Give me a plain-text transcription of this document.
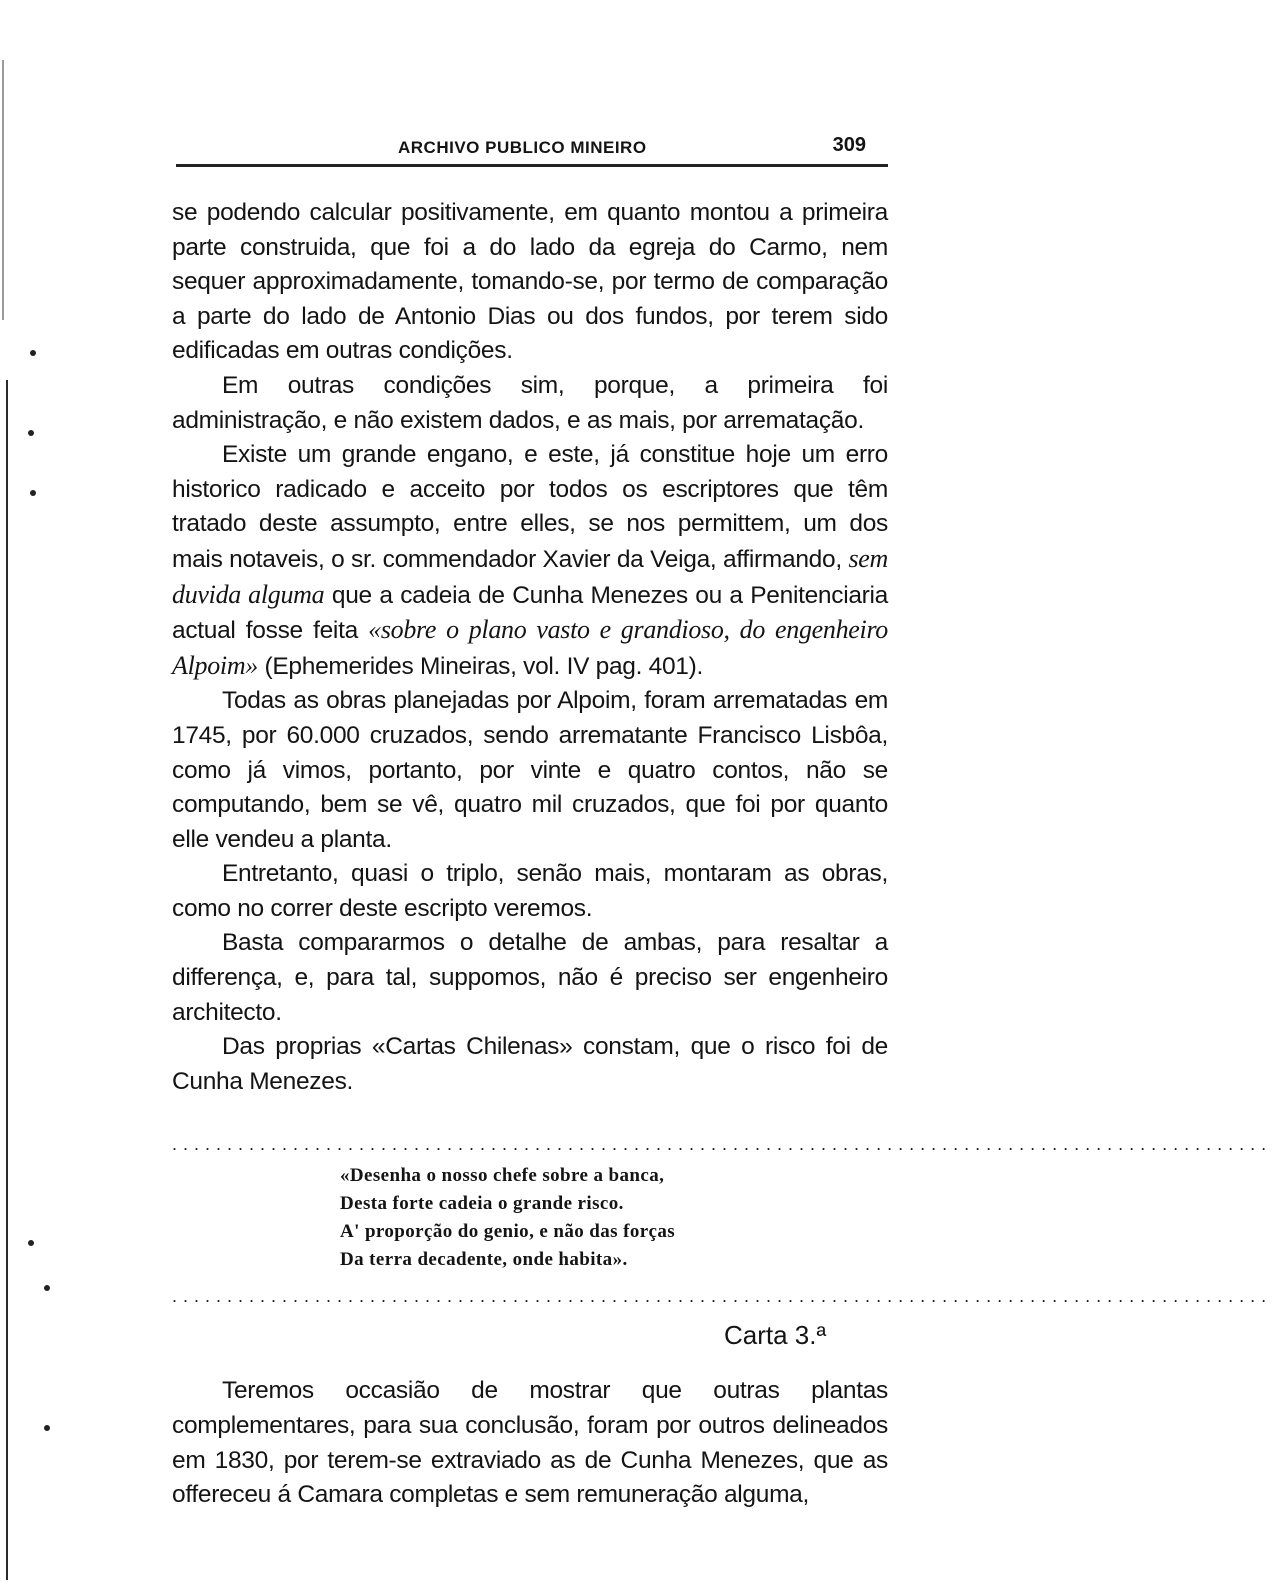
ARCHIVO PUBLICO MINEIRO	309

se podendo calcular positivamente, em quanto montou a primeira parte construida, que foi a do lado da egreja do Carmo, nem sequer approximadamente, tomando-se, por termo de comparação a parte do lado de Antonio Dias ou dos fundos, por terem sido edificadas em outras condições.

Em outras condições sim, porque, a primeira foi administração, e não existem dados, e as mais, por arrematação.

Existe um grande engano, e este, já constitue hoje um erro historico radicado e acceito por todos os escriptores que têm tratado deste assumpto, entre elles, se nos permittem, um dos mais notaveis, o sr. commendador Xavier da Veiga, affirmando, sem duvida alguma que a cadeia de Cunha Menezes ou a Penitenciaria actual fosse feita «sobre o plano vasto e grandioso, do engenheiro Alpoim» (Ephemerides Mineiras, vol. IV pag. 401).

Todas as obras planejadas por Alpoim, foram arrematadas em 1745, por 60.000 cruzados, sendo arrematante Francisco Lisbôa, como já vimos, portanto, por vinte e quatro contos, não se computando, bem se vê, quatro mil cruzados, que foi por quanto elle vendeu a planta.

Entretanto, quasi o triplo, senão mais, montaram as obras, como no correr deste escripto veremos.

Basta compararmos o detalhe de ambas, para resaltar a differença, e, para tal, suppomos, não é preciso ser engenheiro architecto.

Das proprias «Cartas Chilenas» constam, que o risco foi de Cunha Menezes.

....................................................................................................
«Desenha o nosso chefe sobre a banca,
Desta forte cadeia o grande risco.
A' proporção do genio, e não das forças
Da terra decadente, onde habita».
....................................................................................................
Carta 3.ª

Teremos occasião de mostrar que outras plantas complementares, para sua conclusão, foram por outros delineados em 1830, por terem-se extraviado as de Cunha Menezes, que as offereceu á Camara completas e sem remuneração alguma,
